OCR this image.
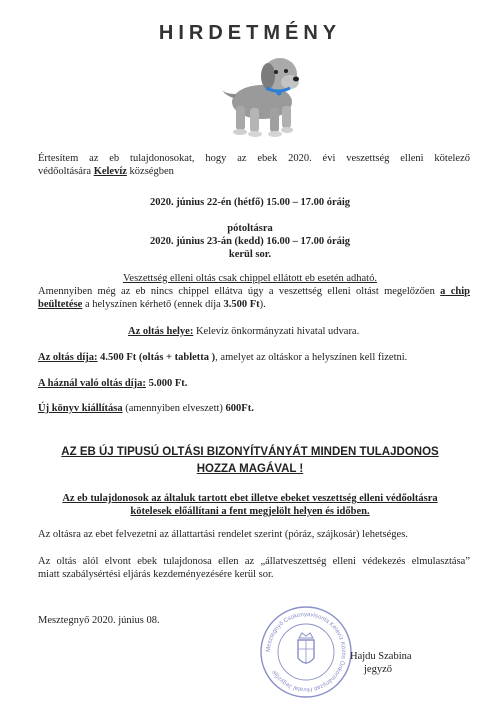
HIRDETMÉNY
Értesítem az eb tulajdonosokat, hogy az ebek 2020. évi veszettség elleni kötelező
védőoltására Kelevíz községben
2020. június 22-én (hétfő) 15.00 – 17.00 óráig
pótoltásra
2020. június 23-án (kedd) 16.00 – 17.00 óráig
kerül sor.
Veszettség elleni oltás csak chippel ellátott eb esetén adható.
Amennyiben még az eb nincs chippel ellátva úgy a veszettség elleni oltást megelőzően a chip
beültetése a helyszínen kérhető (ennek díja 3.500 Ft).
Az oltás helye: Kelevíz önkormányzati hivatal udvara.
Az oltás díja: 4.500 Ft (oltás + tabletta ), amelyet az oltáskor a helyszínen kell fizetni.
A háznál való oltás díja: 5.000 Ft.
Új könyv kiállítása (amennyiben elveszett) 600Ft.
AZ EB ÚJ TIPUSÚ OLTÁSI BIZONYÍTVÁNYÁT MINDEN TULAJDONOS
HOZZA MAGÁVAL !
Az eb tulajdonosok az általuk tartott ebet illetve ebeket veszettség elleni védőoltásra
kötelesek előállítani a fent megjelölt helyen és időben.
Az oltásra az ebet felvezetni az állattartási rendelet szerint (póráz, szájkosár) lehetséges.
Az oltás alól elvont ebek tulajdonosa ellen az „állatveszettség elleni védekezés elmulasztása”
miatt szabálysértési eljárás kezdeményezésére kerül sor.
Mesztegnyő 2020. június 08.
Mesztegnyő Csokonyavisonta Kelevíz Közös Önkormányzati Hivatal Jegyzője
Hajdu Szabina
jegyző
